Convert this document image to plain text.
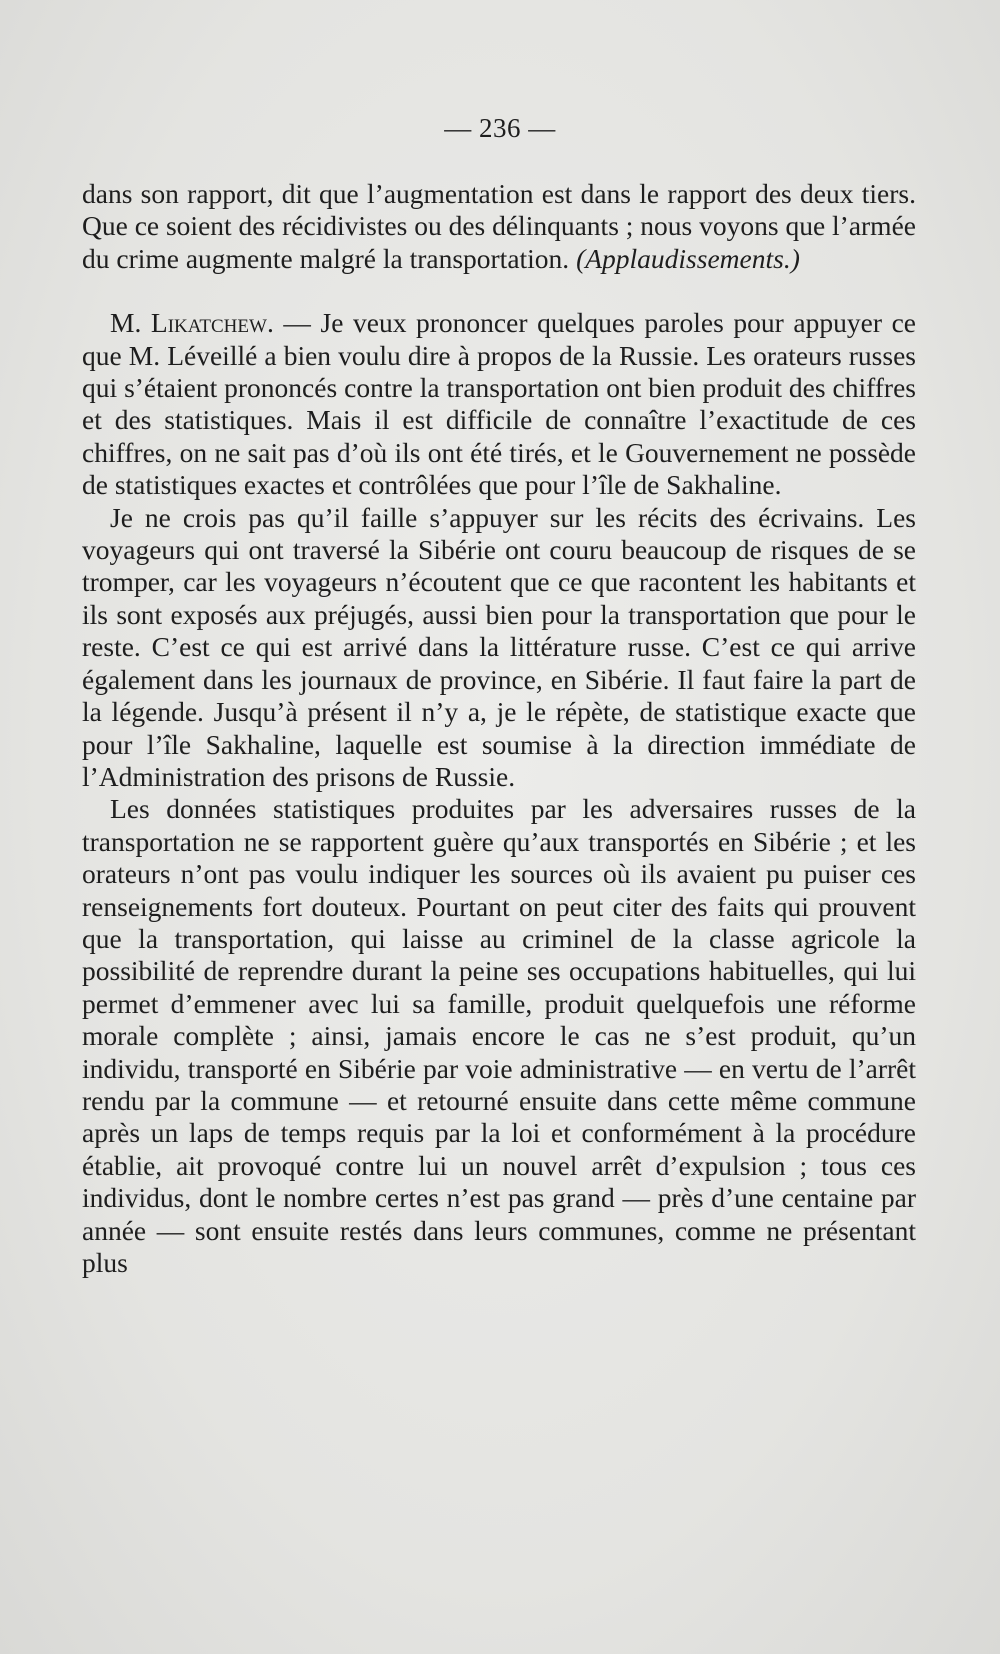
— 236 —

dans son rapport, dit que l’augmentation est dans le rapport des deux tiers. Que ce soient des récidivistes ou des délinquants ; nous voyons que l’armée du crime augmente malgré la transportation. (Applaudissements.)

M. Likatchew. — Je veux prononcer quelques paroles pour appuyer ce que M. Léveillé a bien voulu dire à propos de la Russie. Les orateurs russes qui s’étaient prononcés contre la transportation ont bien produit des chiffres et des statistiques. Mais il est difficile de connaître l’exactitude de ces chiffres, on ne sait pas d’où ils ont été tirés, et le Gouvernement ne possède de statistiques exactes et contrôlées que pour l’île de Sakhaline.

Je ne crois pas qu’il faille s’appuyer sur les récits des écrivains. Les voyageurs qui ont traversé la Sibérie ont couru beaucoup de risques de se tromper, car les voyageurs n’écoutent que ce que racontent les habitants et ils sont exposés aux préjugés, aussi bien pour la transportation que pour le reste. C’est ce qui est arrivé dans la littérature russe. C’est ce qui arrive également dans les journaux de province, en Sibérie. Il faut faire la part de la légende. Jusqu’à présent il n’y a, je le répète, de statistique exacte que pour l’île Sakhaline, laquelle est soumise à la direction immédiate de l’Administration des prisons de Russie.

Les données statistiques produites par les adversaires russes de la transportation ne se rapportent guère qu’aux transportés en Sibérie ; et les orateurs n’ont pas voulu indiquer les sources où ils avaient pu puiser ces renseignements fort douteux. Pourtant on peut citer des faits qui prouvent que la transportation, qui laisse au criminel de la classe agricole la possibilité de reprendre durant la peine ses occupations habituelles, qui lui permet d’emmener avec lui sa famille, produit quelquefois une réforme morale complète ; ainsi, jamais encore le cas ne s’est produit, qu’un individu, transporté en Sibérie par voie administrative — en vertu de l’arrêt rendu par la commune — et retourné ensuite dans cette même commune après un laps de temps requis par la loi et conformément à la procédure établie, ait provoqué contre lui un nouvel arrêt d’expulsion ; tous ces individus, dont le nombre certes n’est pas grand — près d’une centaine par année — sont ensuite restés dans leurs communes, comme ne présentant plus
